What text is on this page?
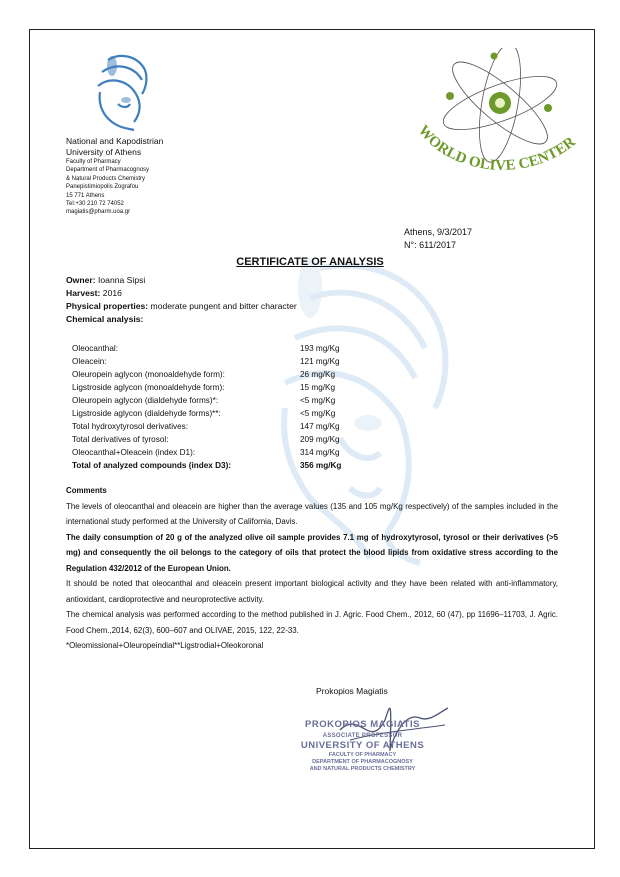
National and Kapodistrian
University of Athens
Faculty of Pharmacy
Department of Pharmacognosy
& Natural Products Chemistry
Panepistimiopolis Zografou
15 771 Athens
Tel:+30 210 72 74052
magiatis@pharm.uoa.gr
WORLD OLIVE CENTER
Athens, 9/3/2017
N°: 611/2017
CERTIFICATE OF ANALYSIS
Owner: Ioanna Sipsi
Harvest: 2016
Physical properties: moderate pungent and bitter character
Chemical analysis:
Oleocanthal:	193 mg/Kg
Oleacein:	121 mg/Kg
Oleuropein aglycon (monoaldehyde form):	26 mg/Kg
Ligstroside aglycon (monoaldehyde form):	15 mg/Kg
Oleuropein aglycon (dialdehyde forms)*:	<5 mg/Kg
Ligstroside aglycon (dialdehyde forms)**:	<5 mg/Kg
Total hydroxytyrosol derivatives:	147 mg/Kg
Total derivatives of tyrosol:	209 mg/Kg
Oleocanthal+Oleacein (index D1):	314 mg/Kg
Total of analyzed compounds (index D3):	356 mg/Kg

Comments

The levels of oleocanthal and oleacein are higher than the average values (135 and 105 mg/Kg respectively) of the samples included in the international study performed at the University of California, Davis.

The daily consumption of 20 g of the analyzed olive oil sample provides 7.1 mg of hydroxytyrosol, tyrosol or their derivatives (>5 mg) and consequently the oil belongs to the category of oils that protect the blood lipids from oxidative stress according to the Regulation 432/2012 of the European Union.

It should be noted that oleocanthal and oleacein present important biological activity and they have been related with anti-inflammatory, antioxidant, cardioprotective and neuroprotective activity.

The chemical analysis was performed according to the method published in J. Agric. Food Chem., 2012, 60 (47), pp 11696–11703, J. Agric. Food Chem.,2014, 62(3), 600–607 and OLIVAE, 2015, 122, 22-33.

*Oleomissional+Oleuropeindial**Ligstrodial+Oleokoronal

Prokopios Magiatis
PROKOPIOS MAGIATIS
ASSOCIATE PROFESSOR
UNIVERSITY OF ATHENS
FACULTY OF PHARMACY
DEPARTMENT OF PHARMACOGNOSY
AND NATURAL PRODUCTS CHEMISTRY
